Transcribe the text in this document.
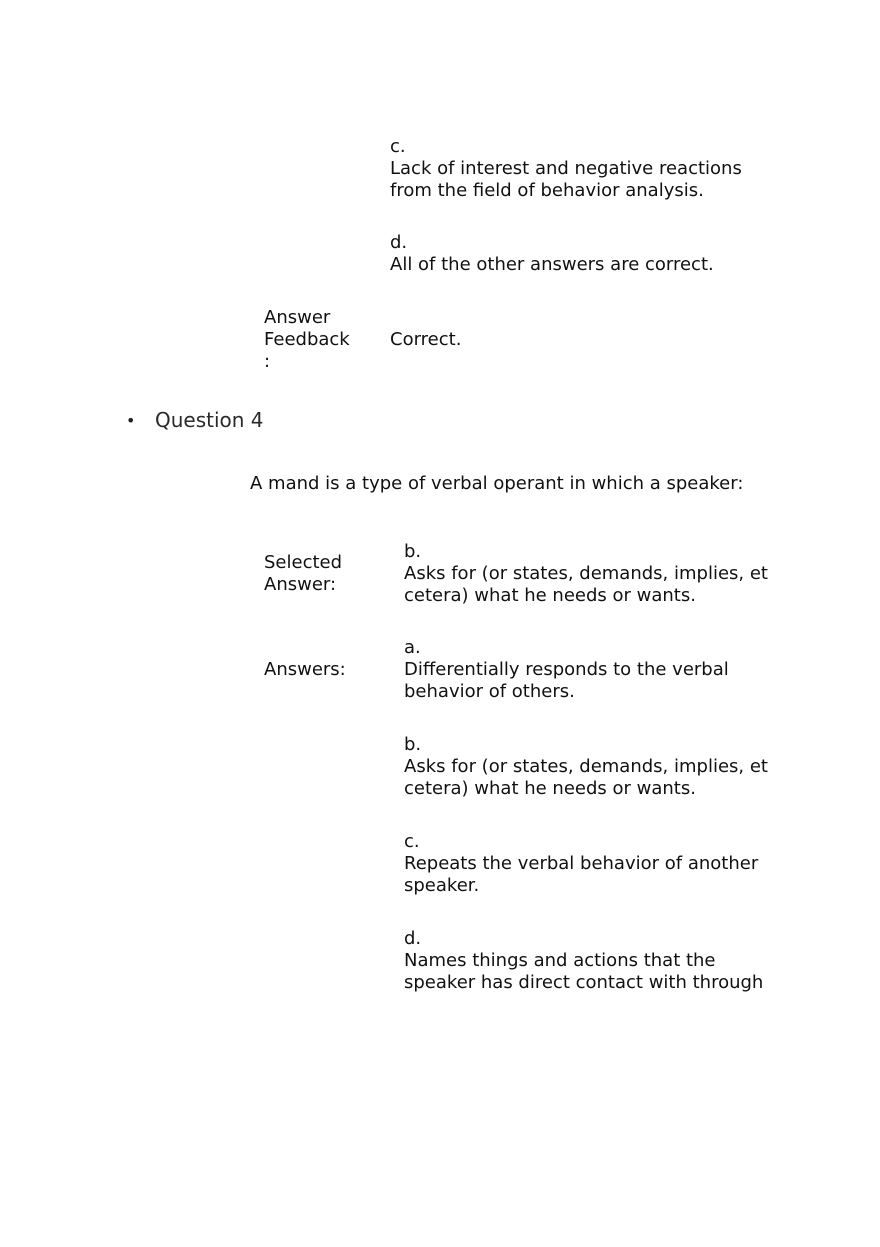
c.
Lack of interest and negative reactions
from the field of behavior analysis.
d.
All of the other answers are correct.
Answer
Feedback
:
Correct.
• Question 4
A mand is a type of verbal operant in which a speaker:
Selected
Answer:
b.
Asks for (or states, demands, implies, et
cetera) what he needs or wants.
Answers:
a.
Differentially responds to the verbal
behavior of others.
b.
Asks for (or states, demands, implies, et
cetera) what he needs or wants.
c.
Repeats the verbal behavior of another
speaker.
d.
Names things and actions that the
speaker has direct contact with through
